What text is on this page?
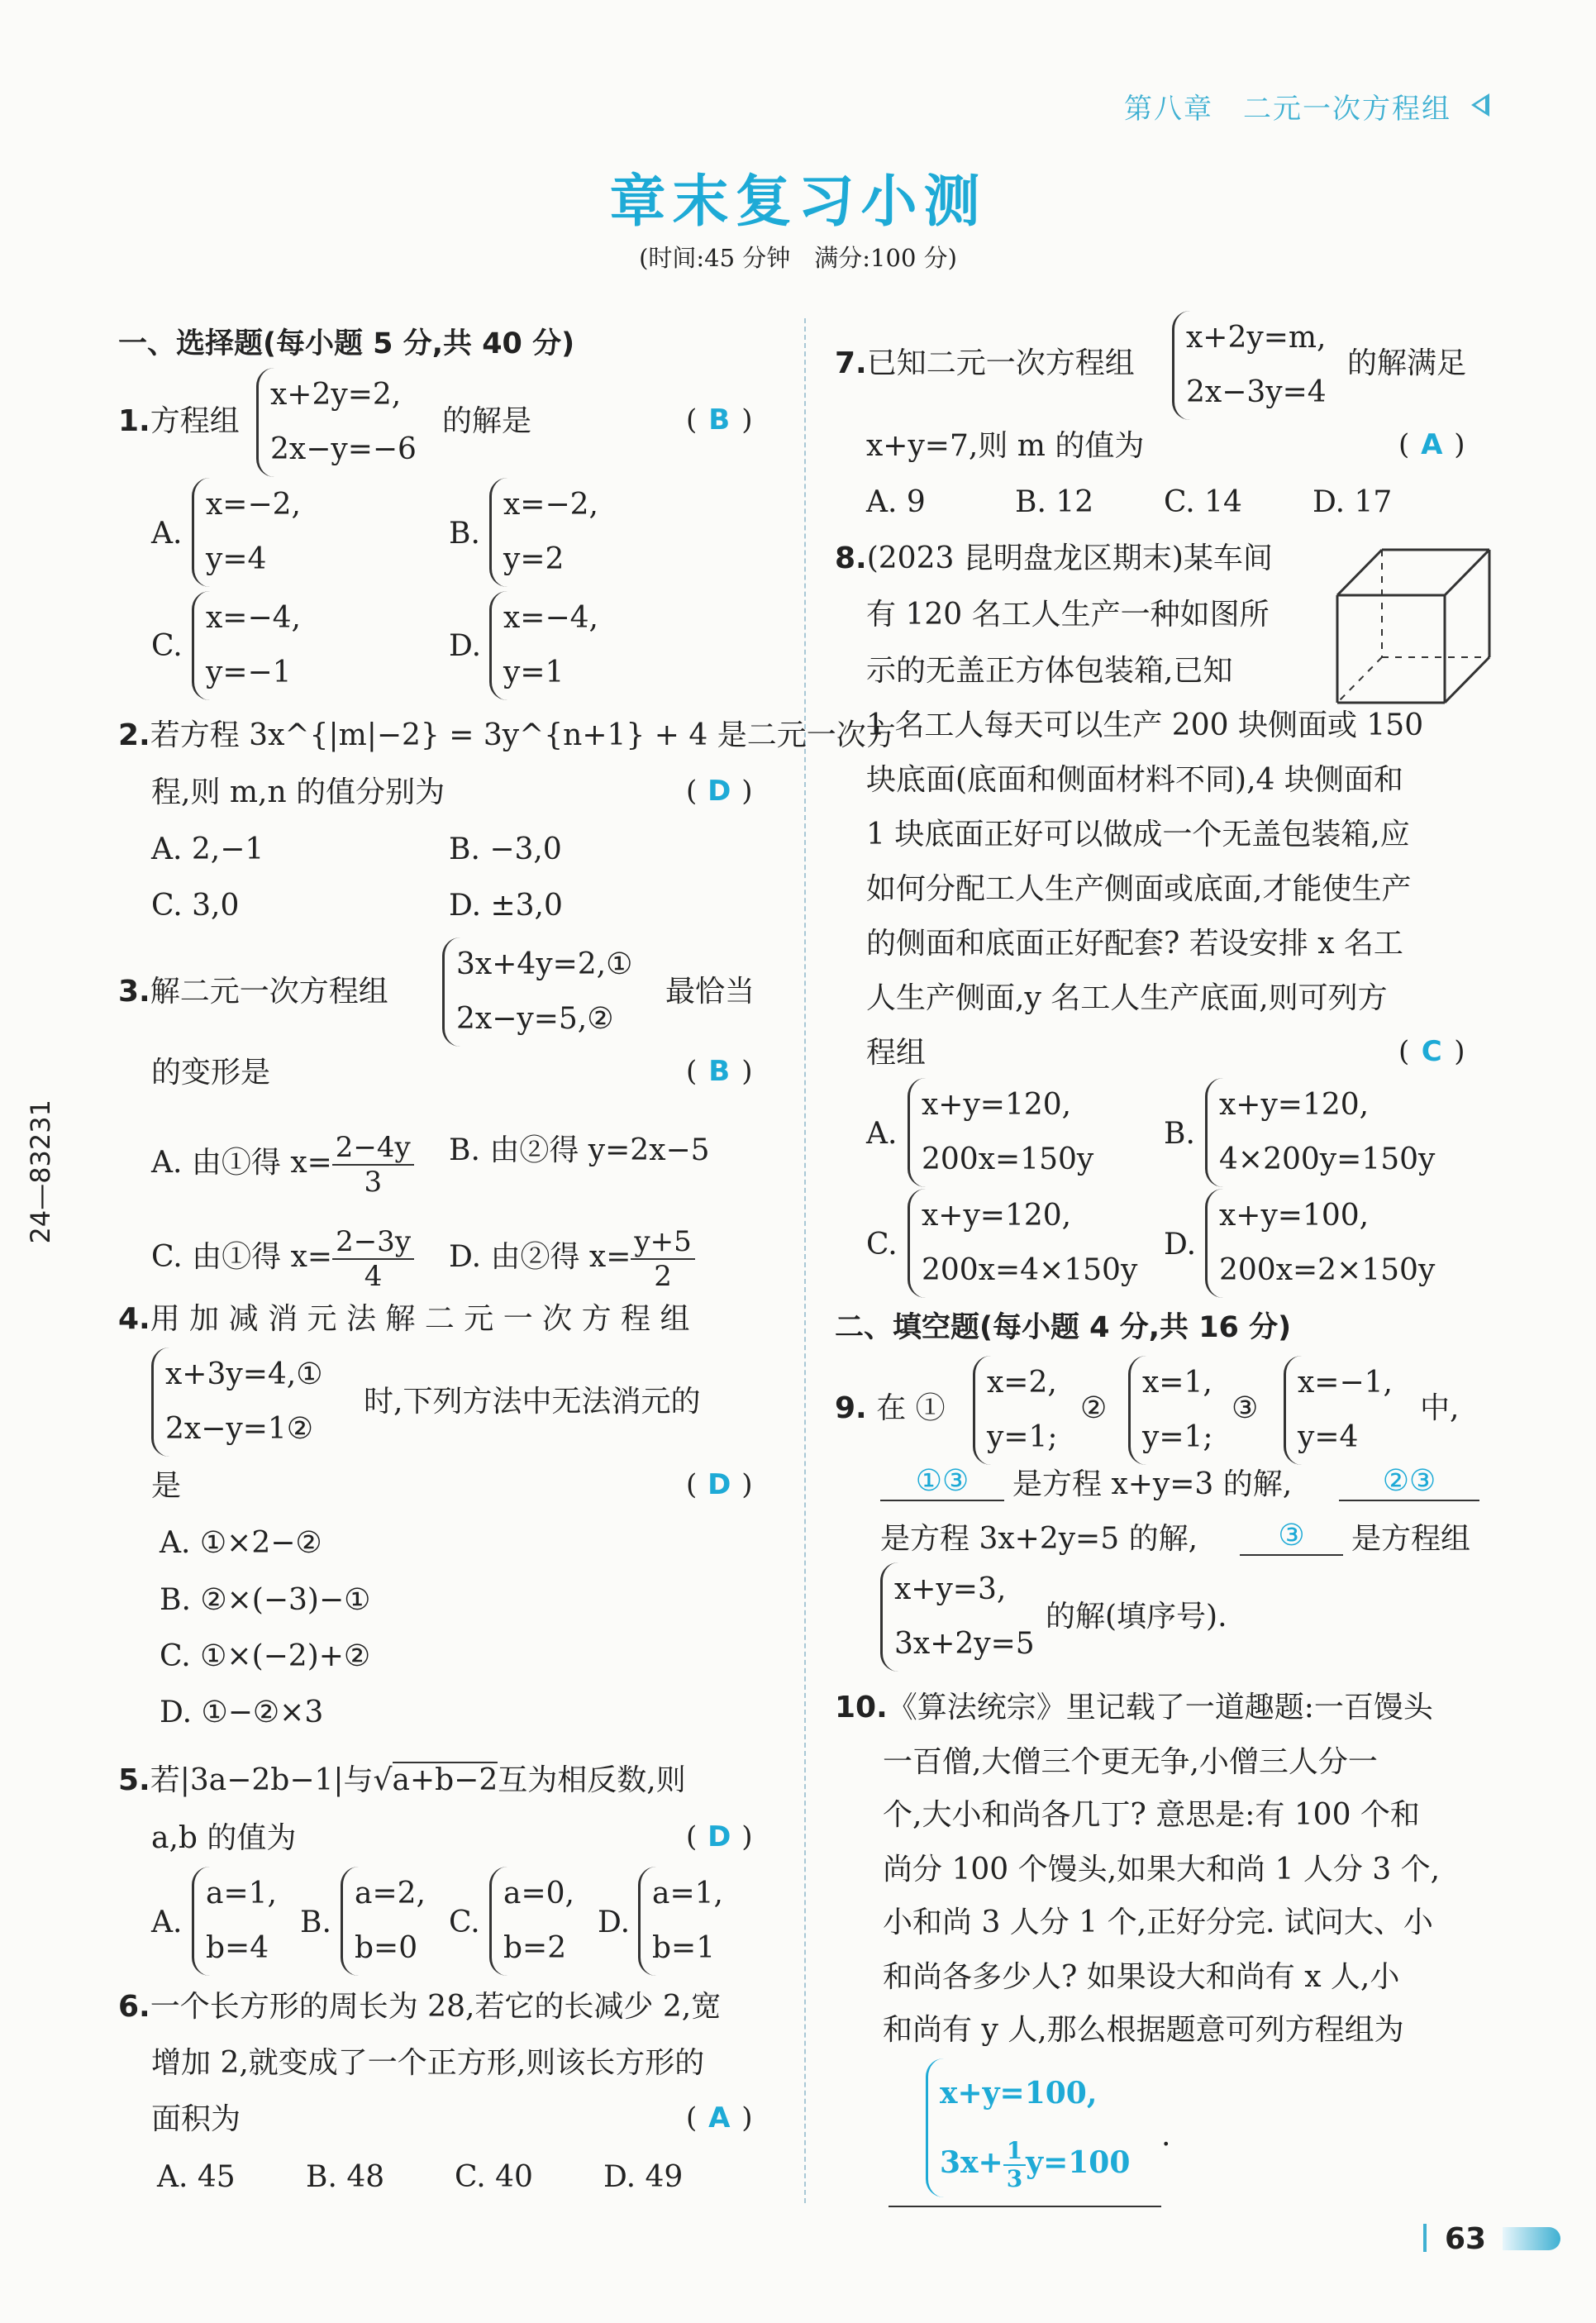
第八章　二元一次方程组
章末复习小测
(时间:45 分钟　满分:100 分)
24—83231
一、选择题(每小题 5 分,共 40 分)
1.方程组
x+2y=2,
2x−y=−6
的解是	( B )
A.
x=−2,
y=4
B.
x=−2,
y=2
C.
x=−4,
y=−1
D.
x=−4,
y=1
2.若方程 3x^{|m|−2} = 3y^{n+1} + 4 是二元一次方
程,则 m,n 的值分别为	( D )
A. 2,−1	B. −3,0
C. 3,0	D. ±3,0
3.解二元一次方程组
3x+4y=2,①
2x−y=5,②
最恰当
的变形是	( B )
A. 由①得 $x= \frac{2-4y}{3} B$. 由②得 y=2x−5
C. 由①得 $x= \frac{2-3y}{4} D$. 由②得 $x= \frac{y+5}{2}$
4.用 加 减 消 元 法 解 二 元 一 次 方 程 组
x+3y=4,①
2x−y=1②
时,下列方法中无法消元的
是	( D )
A. ①×2−②
B. ②×(−3)−①
C. ①×(−2)+②
D. ①−②×3
5.若|3a−2b−1|与√a+b−2互为相反数,则
a,b 的值为	( D )
A.
a=1,
b=4
B.
a=2,
b=0
C.
a=0,
b=2
D.
a=1,
b=1
6.一个长方形的周长为 28,若它的长减少 2,宽
增加 2,就变成了一个正方形,则该长方形的
面积为	( A )
A. 45 B. 48 C. 40 D. 49
7.已知二元一次方程组
x+2y=m,
2x−3y=4
的解满足
x+y=7,则 m 的值为	( A )
A. 9	B. 12 C. 14 D. 17
8.(2023 昆明盘龙区期末)某车间
有 120 名工人生产一种如图所
示的无盖正方体包装箱,已知
1 名工人每天可以生产 200 块侧面或 150
块底面(底面和侧面材料不同),4 块侧面和
1 块底面正好可以做成一个无盖包装箱,应
如何分配工人生产侧面或底面,才能使生产
的侧面和底面正好配套? 若设安排 x 名工
人生产侧面,y 名工人生产底面,则可列方
程组	( C )
A.
x+y=120,
200x=150y
B.
x+y=120,
4×200y=150y
C.
x+y=120,
200x=4×150y
D.
x+y=100,
200x=2×150y
二、填空题(每小题 4 分,共 16 分)
9. 在 ①
x=2,
y=1;
②
x=1,
y=1;
③
x=−1,
y=4
中,
①③	是方程 x+y=3 的解,	②③
是方程 3x+2y=5 的解,	③	是方程组
x+y=3,
3x+2y=5
的解(填序号).
10.《算法统宗》里记载了一道趣题:一百馒头
一百僧,大僧三个更无争,小僧三人分一
个,大小和尚各几丁? 意思是:有 100 个和
尚分 100 个馒头,如果大和尚 1 人分 3 个,
小和尚 3 人分 1 个,正好分完. 试问大、小
和尚各多少人? 如果设大和尚有 x 人,小
和尚有 y 人,那么根据题意可列方程组为
x+y=100,
$3x+ \frac{1}{3} y=100$
.
63
